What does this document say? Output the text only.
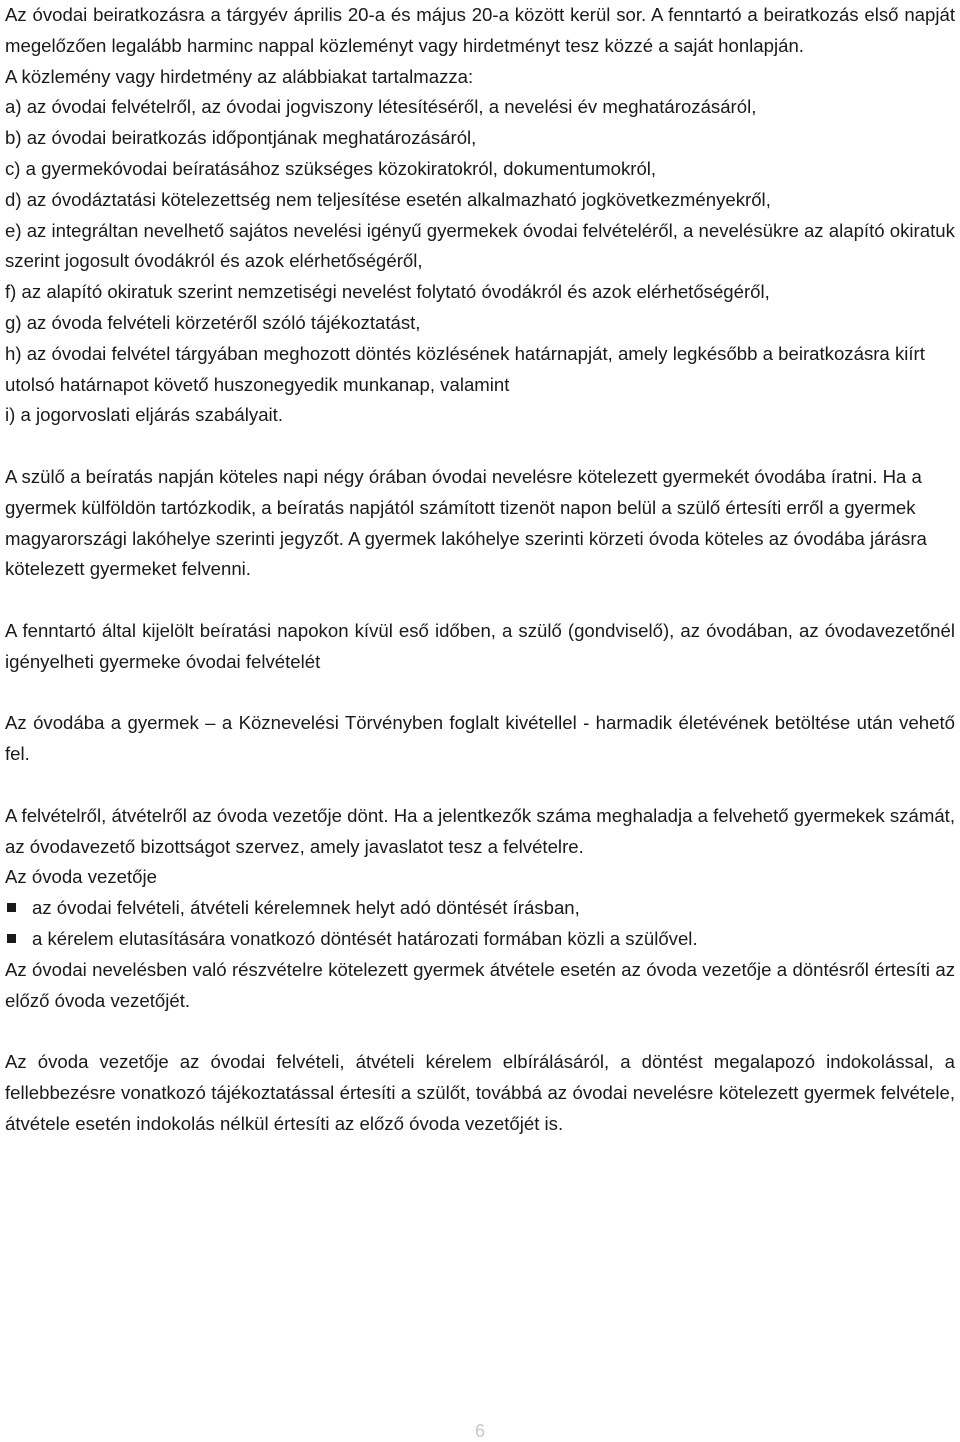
Az óvodai beiratkozásra a tárgyév április 20-a és május 20-a között kerül sor. A fenntartó a beiratkozás első napját megelőzően legalább harminc nappal közleményt vagy hirdetményt tesz közzé a saját honlapján.

A közlemény vagy hirdetmény az alábbiakat tartalmazza:

a) az óvodai felvételről, az óvodai jogviszony létesítéséről, a nevelési év meghatározásáról,

b) az óvodai beiratkozás időpontjának meghatározásáról,

c) a gyermekóvodai beíratásához szükséges közokiratokról, dokumentumokról,

d) az óvodáztatási kötelezettség nem teljesítése esetén alkalmazható jogkövetkezményekről,

e) az integráltan nevelhető sajátos nevelési igényű gyermekek óvodai felvételéről, a nevelésükre az alapító okiratuk szerint jogosult óvodákról és azok elérhetőségéről,

f) az alapító okiratuk szerint nemzetiségi nevelést folytató óvodákról és azok elérhetőségéről,

g) az óvoda felvételi körzetéről szóló tájékoztatást,

h) az óvodai felvétel tárgyában meghozott döntés közlésének határnapját, amely legkésőbb a beiratkozásra kiírt utolsó határnapot követő huszonegyedik munkanap, valamint

i) a jogorvoslati eljárás szabályait.

A szülő a beíratás napján köteles napi négy órában óvodai nevelésre kötelezett gyermekét óvodába íratni. Ha a gyermek külföldön tartózkodik, a beíratás napjától számított tizenöt napon belül a szülő értesíti erről a gyermek magyarországi lakóhelye szerinti jegyzőt. A gyermek lakóhelye szerinti körzeti óvoda köteles az óvodába járásra kötelezett gyermeket felvenni.

A fenntartó által kijelölt beíratási napokon kívül eső időben, a szülő (gondviselő), az óvodában, az óvodavezetőnél igényelheti gyermeke óvodai felvételét

Az óvodába a gyermek – a Köznevelési Törvényben foglalt kivétellel - harmadik életévének betöltése után vehető fel.

A felvételről, átvételről az óvoda vezetője dönt. Ha a jelentkezők száma meghaladja a felvehető gyermekek számát, az óvodavezető bizottságot szervez, amely javaslatot tesz a felvételre.

Az óvoda vezetője

az óvodai felvételi, átvételi kérelemnek helyt adó döntését írásban,
a kérelem elutasítására vonatkozó döntését határozati formában közli a szülővel.

Az óvodai nevelésben való részvételre kötelezett gyermek átvétele esetén az óvoda vezetője a döntésről értesíti az előző óvoda vezetőjét.

Az óvoda vezetője az óvodai felvételi, átvételi kérelem elbírálásáról, a döntést megalapozó indokolással, a fellebbezésre vonatkozó tájékoztatással értesíti a szülőt, továbbá az óvodai nevelésre kötelezett gyermek felvétele, átvétele esetén indokolás nélkül értesíti az előző óvoda vezetőjét is.

6
